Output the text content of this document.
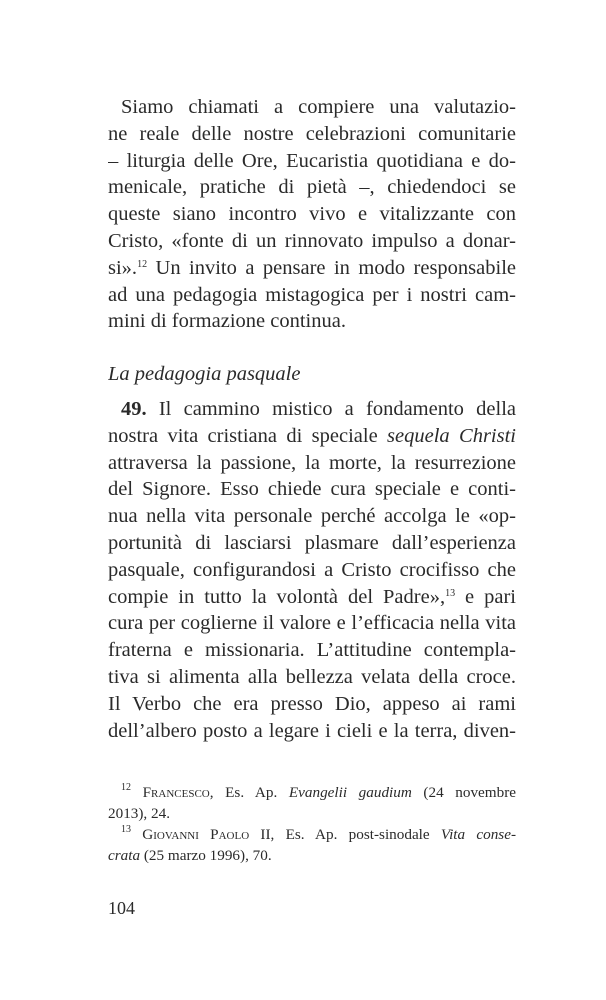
Siamo chiamati a compiere una valutazio-
ne reale delle nostre celebrazioni comunitarie
– liturgia delle Ore, Eucaristia quotidiana e do-
menicale, pratiche di pietà –, chiedendoci se
queste siano incontro vivo e vitalizzante con
Cristo, «fonte di un rinnovato impulso a donar-
si».$^{12}$ Un invito a pensare in modo responsabile
ad una pedagogia mistagogica per i nostri cam-
mini di formazione continua.
La pedagogia pasquale
49. Il cammino mistico a fondamento della
nostra vita cristiana di speciale sequela Christi
attraversa la passione, la morte, la resurrezione
del Signore. Esso chiede cura speciale e conti-
nua nella vita personale perché accolga le «op-
portunità di lasciarsi plasmare dall’esperienza
pasquale, configurandosi a Cristo crocifisso che
compie in tutto la volontà del Padre»,$^{13}$ e pari
cura per coglierne il valore e l’efficacia nella vita
fraterna e missionaria. L’attitudine contempla-
tiva si alimenta alla bellezza velata della croce.
Il Verbo che era presso Dio, appeso ai rami
dell’albero posto a legare i cieli e la terra, diven-
$^{12}$ Francesco, Es. Ap. Evangelii gaudium (24 novembre
2013), 24.
$^{13}$ Giovanni Paolo II, Es. Ap. post-sinodale Vita conse-
crata (25 marzo 1996), 70.
104
